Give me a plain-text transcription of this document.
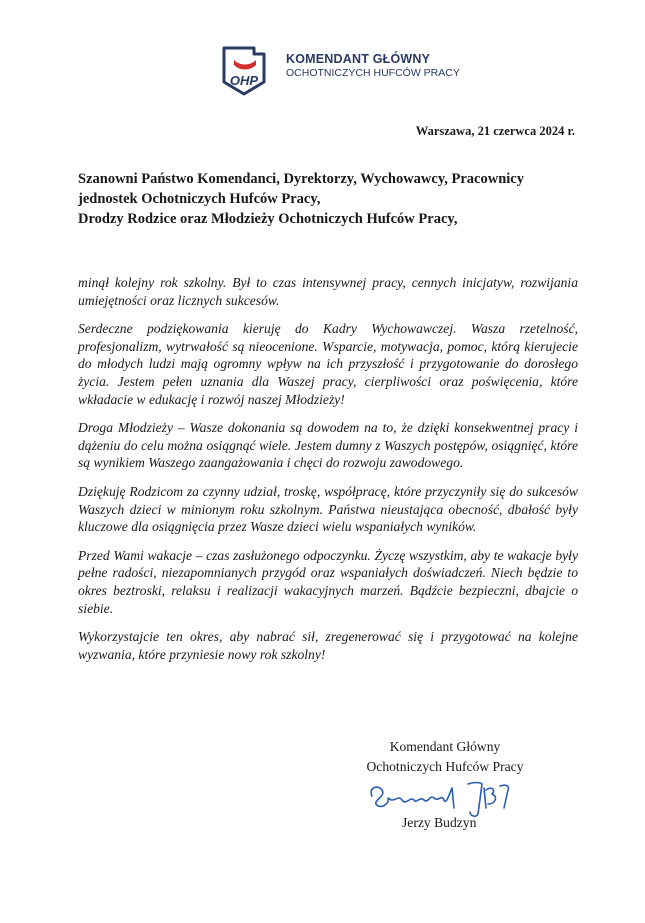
OHP
KOMENDANT GŁÓWNY
OCHOTNICZYCH HUFCÓW PRACY
Warszawa, 21 czerwca 2024 r.
Szanowni Państwo Komendanci, Dyrektorzy, Wychowawcy, Pracownicy
jednostek Ochotniczych Hufców Pracy,
Drodzy Rodzice oraz Młodzieży Ochotniczych Hufców Pracy,

minął kolejny rok szkolny. Był to czas intensywnej pracy, cennych inicjatyw, rozwijania umiejętności oraz licznych sukcesów.

Serdeczne podziękowania kieruję do Kadry Wychowawczej. Wasza rzetelność, profesjonalizm, wytrwałość są nieocenione. Wsparcie, motywacja, pomoc, którą kierujecie do młodych ludzi mają ogromny wpływ na ich przyszłość i przygotowanie do dorosłego życia. Jestem pełen uznania dla Waszej pracy, cierpliwości oraz poświęcenia, które wkładacie w edukację i rozwój naszej Młodzieży!

Droga Młodzieży – Wasze dokonania są dowodem na to, że dzięki konsekwentnej pracy i dążeniu do celu można osiągnąć wiele. Jestem dumny z Waszych postępów, osiągnięć, które są wynikiem Waszego zaangażowania i chęci do rozwoju zawodowego.

Dziękuję Rodzicom za czynny udział, troskę, współpracę, które przyczyniły się do sukcesów Waszych dzieci w minionym roku szkolnym. Państwa nieustająca obecność, dbałość były kluczowe dla osiągnięcia przez Wasze dzieci wielu wspaniałych wyników.

Przed Wami wakacje – czas zasłużonego odpoczynku. Życzę wszystkim, aby te wakacje były pełne radości, niezapomnianych przygód oraz wspaniałych doświadczeń. Niech będzie to okres beztroski, relaksu i realizacji wakacyjnych marzeń. Bądźcie bezpieczni, dbajcie o siebie.

Wykorzystajcie ten okres, aby nabrać sił, zregenerować się i przygotować na kolejne wyzwania, które przyniesie nowy rok szkolny!

Komendant Główny
Ochotniczych Hufców Pracy
Jerzy Budzyn
